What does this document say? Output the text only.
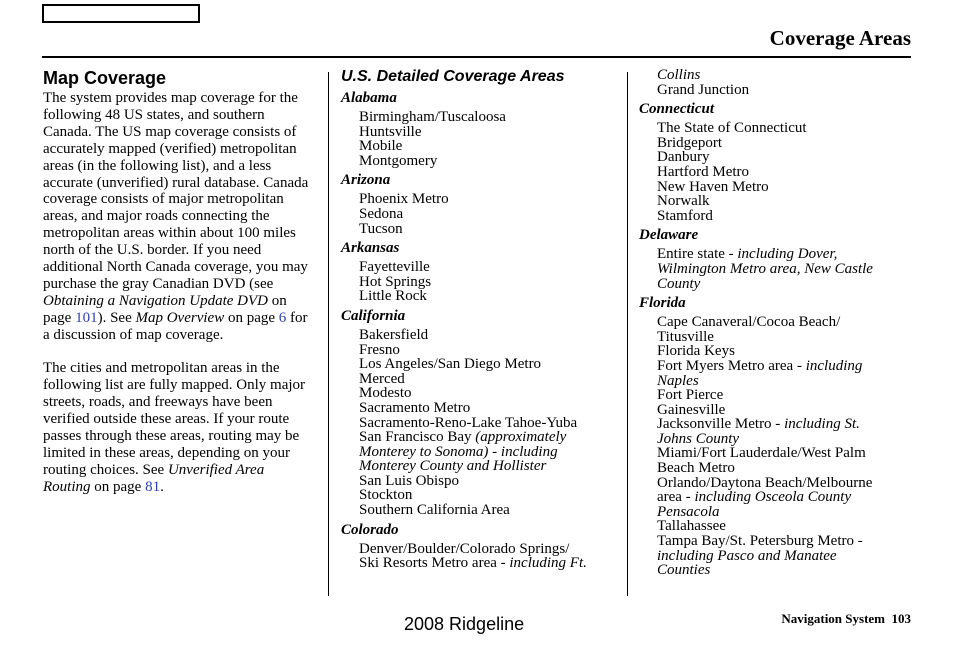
Coverage Areas
Map Coverage

The system provides map coverage for the following 48 US states, and southern Canada. The US map coverage consists of accurately mapped (verified) metropolitan areas (in the following list), and a less accurate (unverified) rural database. Canada coverage consists of major metropolitan areas, and major roads connecting the metropolitan areas within about 100 miles north of the U.S. border. If you need additional North Canada coverage, you may purchase the gray Canadian DVD (see Obtaining a Navigation Update DVD on page 101). See Map Overview on page 6 for a discussion of map coverage.

The cities and metropolitan areas in the following list are fully mapped. Only major streets, roads, and freeways have been verified outside these areas. If your route passes through these areas, routing may be limited in these areas, depending on your routing choices. See Unverified Area Routing on page 81.

U.S. Detailed Coverage Areas
Alabama
Birmingham/Tuscaloosa
Huntsville
Mobile
Montgomery
Arizona
Phoenix Metro
Sedona
Tucson
Arkansas
Fayetteville
Hot Springs
Little Rock
California
Bakersfield
Fresno
Los Angeles/San Diego Metro
Merced
Modesto
Sacramento Metro
Sacramento-Reno-Lake Tahoe-Yuba
San Francisco Bay (approximately
Monterey to Sonoma) - including
Monterey County and Hollister
San Luis Obispo
Stockton
Southern California Area
Colorado
Denver/Boulder/Colorado Springs/
Ski Resorts Metro area - including Ft.
Collins
Grand Junction
Connecticut
The State of Connecticut
Bridgeport
Danbury
Hartford Metro
New Haven Metro
Norwalk
Stamford
Delaware
Entire state - including Dover,
Wilmington Metro area, New Castle
County
Florida
Cape Canaveral/Cocoa Beach/
Titusville
Florida Keys
Fort Myers Metro area - including
Naples
Fort Pierce
Gainesville
Jacksonville Metro - including St.
Johns County
Miami/Fort Lauderdale/West Palm
Beach Metro
Orlando/Daytona Beach/Melbourne
area - including Osceola County
Pensacola
Tallahassee
Tampa Bay/St. Petersburg Metro -
including Pasco and Manatee
Counties
2008 Ridgeline	Navigation System 103
